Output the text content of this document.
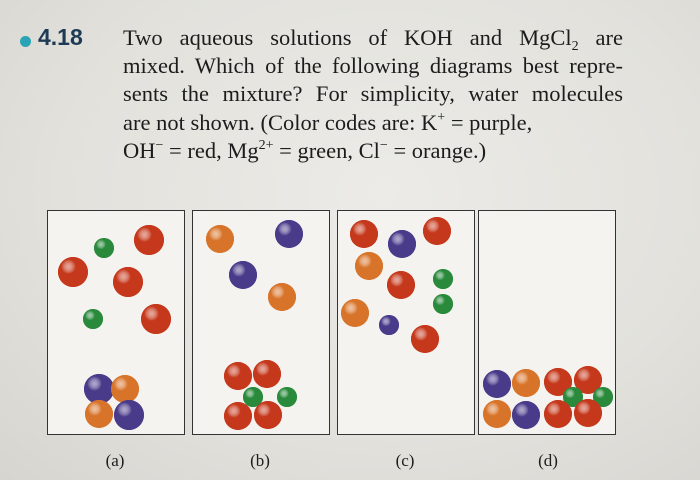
4.18 Two aqueous solutions of KOH and MgCl$_2$ are
mixed. Which of the following diagrams best repre-
sents the mixture? For simplicity, water molecules
are not shown. (Color codes are: K+ = purple,
OH− = red, $Mg^{2+}$ = green, Cl− = orange.)
(a)	(b)	(c)	(d)
